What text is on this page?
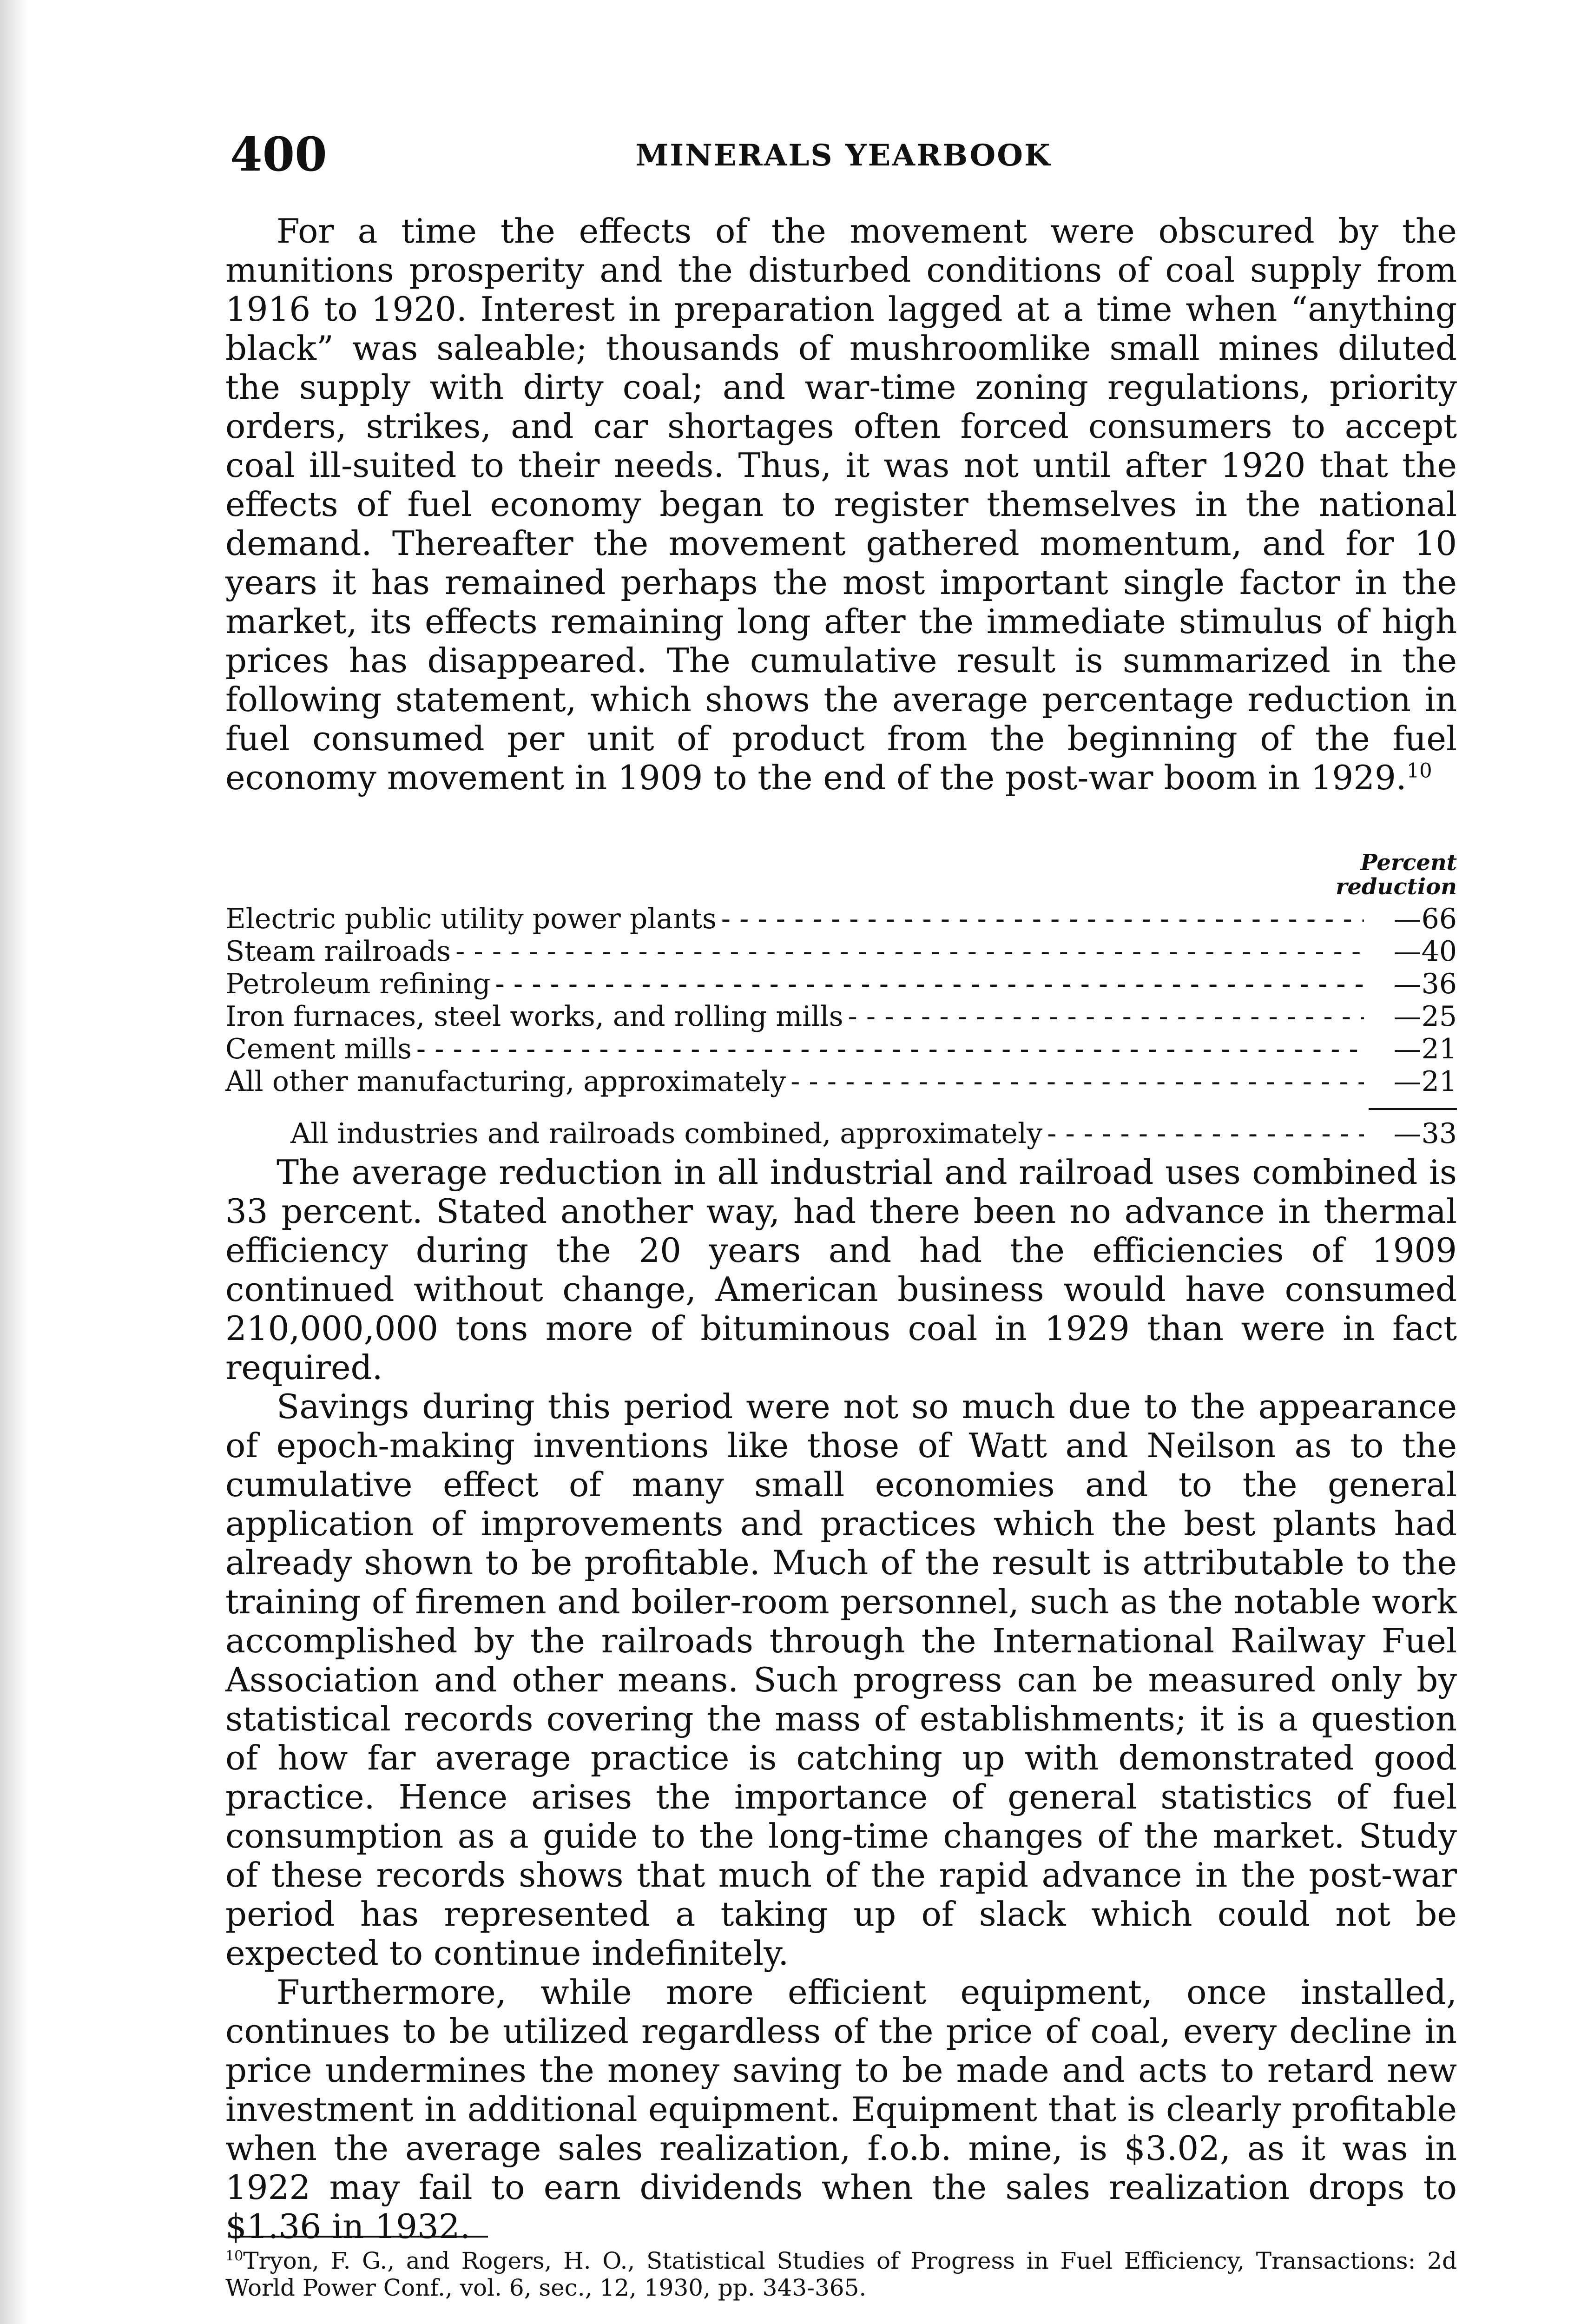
400	MINERALS YEARBOOK

For a time the effects of the movement were obscured by the munitions prosperity and the disturbed conditions of coal supply from 1916 to 1920. Interest in preparation lagged at a time when “anything black” was saleable; thousands of mushroomlike small mines diluted the supply with dirty coal; and war-time zoning regulations, priority orders, strikes, and car shortages often forced consumers to accept coal ill-suited to their needs. Thus, it was not until after 1920 that the effects of fuel economy began to register themselves in the national demand. Thereafter the movement gathered momentum, and for 10 years it has remained perhaps the most important single factor in the market, its effects remaining long after the immediate stimulus of high prices has disappeared. The cumulative result is summarized in the following statement, which shows the average percentage reduction in fuel consumed per unit of product from the beginning of the fuel economy movement in 1909 to the end of the post-war boom in 1929.10

Percent
reduction
Electric public utility power plants - - -	—66
Steam railroads - - -	—40
Petroleum refining - - -	—36
Iron furnaces, steel works, and rolling mills - - -	—25
Cement mills - - -	—21
All other manufacturing, approximately - - -	—21
All industries and railroads combined, approximately - - -	—33

The average reduction in all industrial and railroad uses combined is 33 percent. Stated another way, had there been no advance in thermal efficiency during the 20 years and had the efficiencies of 1909 continued without change, American business would have consumed 210,000,000 tons more of bituminous coal in 1929 than were in fact required.

Savings during this period were not so much due to the appearance of epoch-making inventions like those of Watt and Neilson as to the cumulative effect of many small economies and to the general application of improvements and practices which the best plants had already shown to be profitable. Much of the result is attributable to the training of firemen and boiler-room personnel, such as the notable work accomplished by the railroads through the International Railway Fuel Association and other means. Such progress can be measured only by statistical records covering the mass of establishments; it is a question of how far average practice is catching up with demonstrated good practice. Hence arises the importance of general statistics of fuel consumption as a guide to the long-time changes of the market. Study of these records shows that much of the rapid advance in the post-war period has represented a taking up of slack which could not be expected to continue indefinitely.

Furthermore, while more efficient equipment, once installed, continues to be utilized regardless of the price of coal, every decline in price undermines the money saving to be made and acts to retard new investment in additional equipment. Equipment that is clearly profitable when the average sales realization, f.o.b. mine, is $3.02, as it was in 1922 may fail to earn dividends when the sales realization drops to $1.36 in 1932.

$^{10}$Tryon, F. G., and Rogers, H. O., Statistical Studies of Progress in Fuel Efficiency, Transactions: 2d World Power Conf., vol. 6, sec., 12, 1930, pp. 343-365.
